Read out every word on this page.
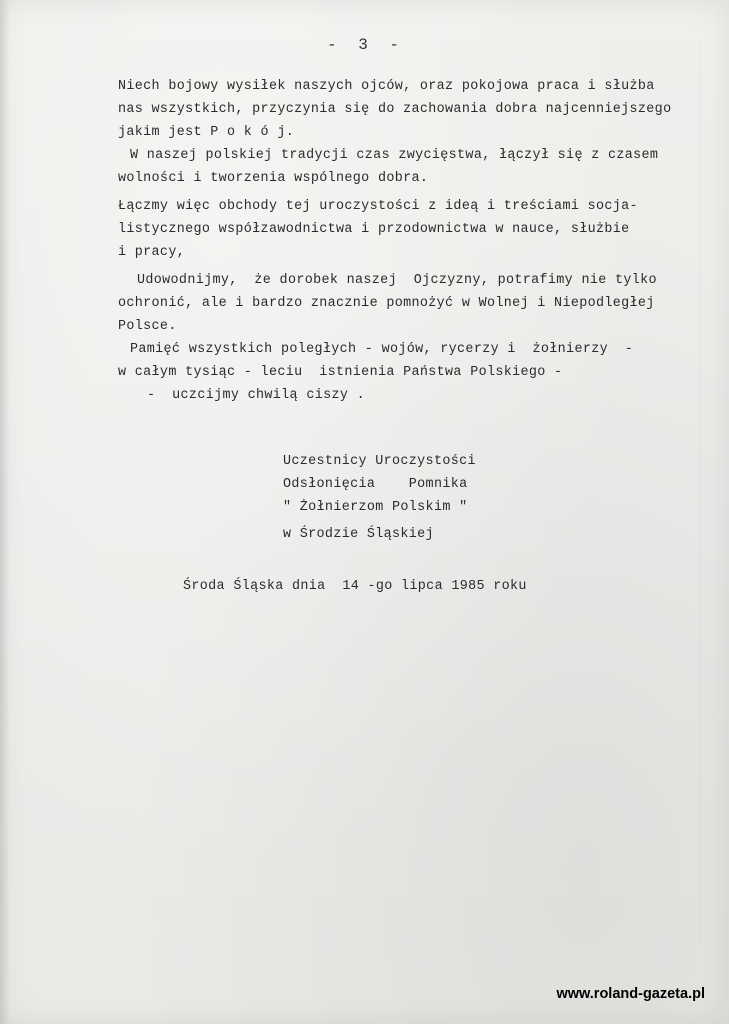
- 3 -
Niech bojowy wysiłek naszych ojców, oraz pokojowa praca i służba
nas wszystkich, przyczynia się do zachowania dobra najcenniejszego
jakim jest P o k ó j.
W naszej polskiej tradycji czas zwycięstwa, łączył się z czasem
wolności i tworzenia wspólnego dobra.
Łączmy więc obchody tej uroczystości z ideą i treściami socja-
listycznego współzawodnictwa i przodownictwa w nauce, służbie
i pracy,
Udowodnijmy,  że dorobek naszej  Ojczyzny, potrafimy nie tylko
ochronić, ale i bardzo znacznie pomnożyć w Wolnej i Niepodległej
Polsce.
Pamięć wszystkich poległych - wojów, rycerzy i  żołnierzy  -
w całym tysiąc - leciu  istnienia Państwa Polskiego -
-  uczcijmy chwilą ciszy .
Uczestnicy Uroczystości
Odsłonięcia    Pomnika
" Żołnierzom Polskim "
w Środzie Śląskiej
Środa Śląska dnia  14 -go lipca 1985 roku
www.roland-gazeta.pl
